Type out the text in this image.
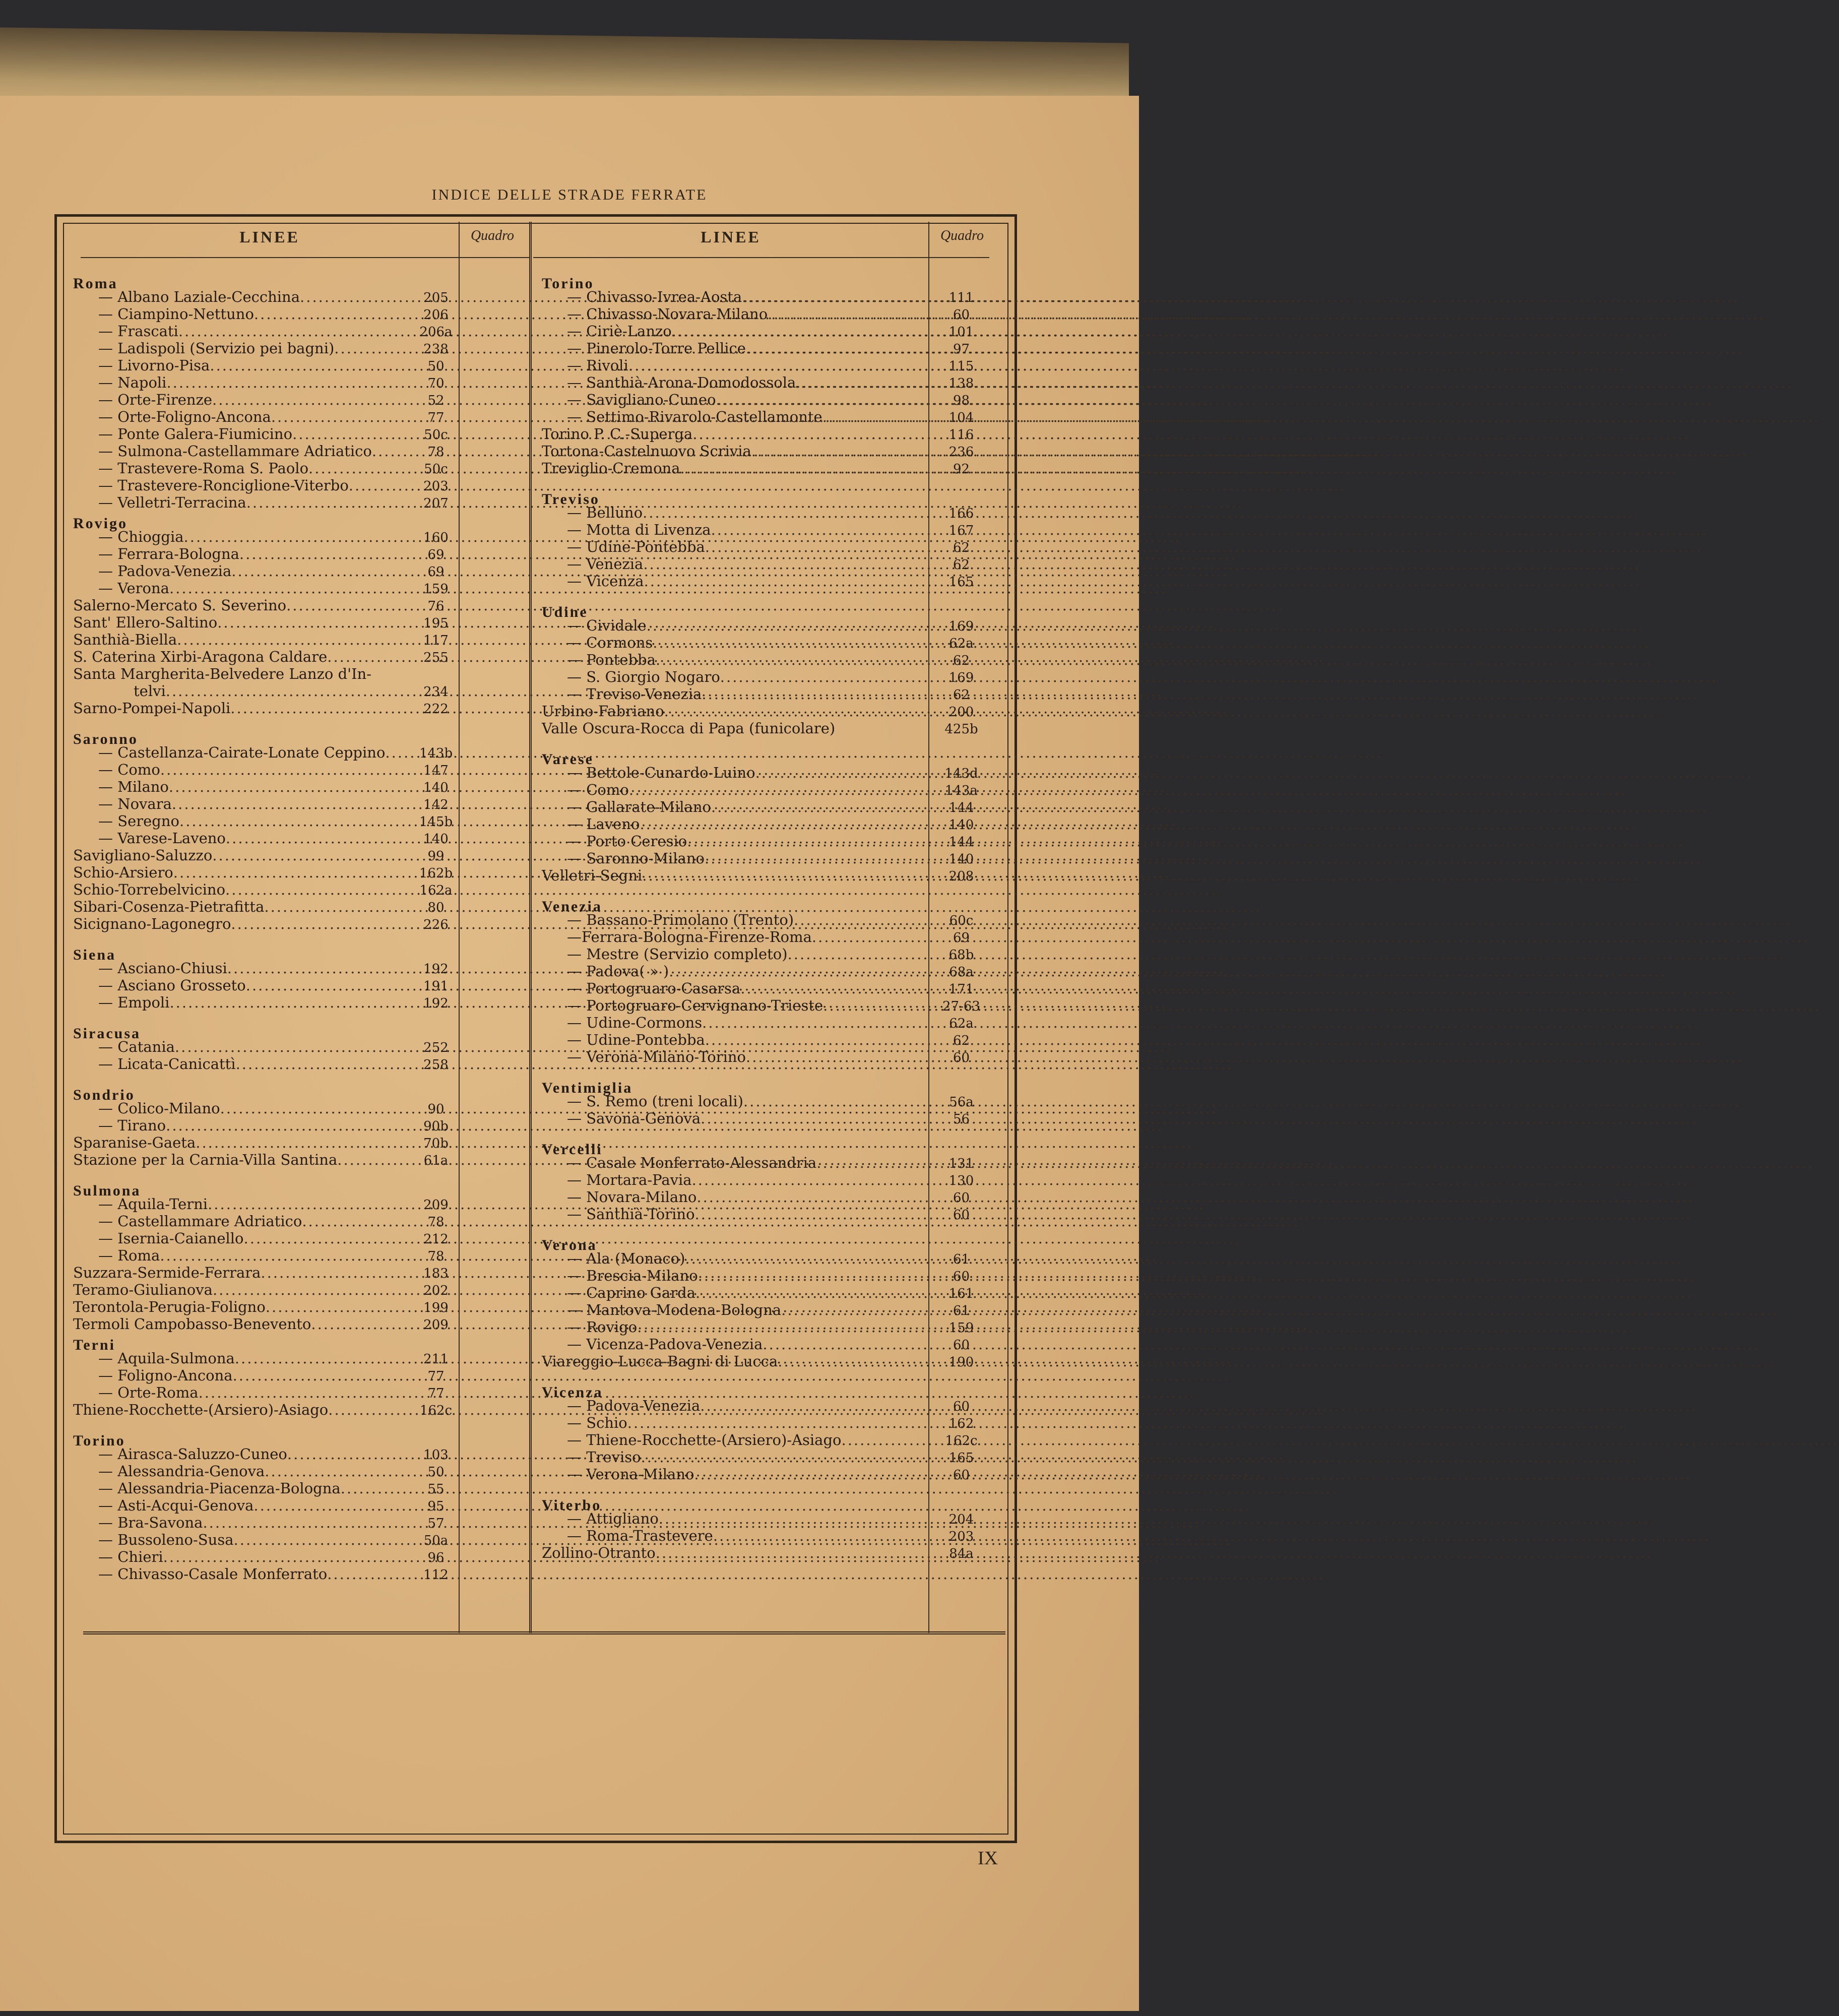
INDICE DELLE STRADE FERRATE
LINEE	Quadro	LINEE	Quadro
Roma
— Albano Laziale-Cecchina .....	205
— Ciampino-Nettuno .....	206
— Frascati .....	206a
— Ladispoli (Servizio pei bagni) .....	238
— Livorno-Pisa .....	50
— Napoli .....	70
— Orte-Firenze .....	52
— Orte-Foligno-Ancona .....	77
— Ponte Galera-Fiumicino .....	50c
— Sulmona-Castellammare Adriatico .....	78
— Trastevere-Roma S. Paolo .....	50c
— Trastevere-Ronciglione-Viterbo .....	203
— Velletri-Terracina .....	207
Rovigo
— Chioggia .....	160
— Ferrara-Bologna .....	69
— Padova-Venezia .....	69
— Verona .....	159
Salerno-Mercato S. Severino .....	76
Sant' Ellero-Saltino .....	195
Santhià-Biella .....	117
S. Caterina Xirbi-Aragona Caldare .....	255
Santa Margherita-Belvedere Lanzo d'In-
telvi .....	234
Sarno-Pompei-Napoli .....	222
Saronno
— Castellanza-Cairate-Lonate Ceppino .....	143b
— Como .....	147
— Milano .....	140
— Novara .....	142
— Seregno .....	145b
— Varese-Laveno .....	140
Savigliano-Saluzzo .....	99
Schio-Arsiero .....	162b
Schio-Torrebelvicino .....	162a
Sibari-Cosenza-Pietrafitta .....	80
Sicignano-Lagonegro .....	226
Siena
— Asciano-Chiusi .....	192
— Asciano Grosseto .....	191
— Empoli .....	192
Siracusa
— Catania .....	252
— Licata-Canicattì .....	258
Sondrio
— Colico-Milano .....	90
— Tirano .....	90b
Sparanise-Gaeta .....	70b
Stazione per la Carnia-Villa Santina .....	61a
Sulmona
— Aquila-Terni .....	209
— Castellammare Adriatico .....	78
— Isernia-Caianello .....	212
— Roma .....	78
Suzzara-Sermide-Ferrara .....	183
Teramo-Giulianova .....	202
Terontola-Perugia-Foligno .....	199
Termoli Campobasso-Benevento .....	209
Terni
— Aquila-Sulmona .....	211
— Foligno-Ancona .....	77
— Orte-Roma .....	77
Thiene-Rocchette-(Arsiero)-Asiago .....	162c
Torino
— Airasca-Saluzzo-Cuneo .....	103
— Alessandria-Genova .....	50
— Alessandria-Piacenza-Bologna .....	55
— Asti-Acqui-Genova .....	95
— Bra-Savona .....	57
— Bussoleno-Susa .....	50a
— Chieri .....	96
— Chivasso-Casale Monferrato .....	112
Torino
— Chivasso-Ivrea-Aosta .....	111
— Chivasso-Novara-Milano .....	60
— Ciriè-Lanzo .....	101
— Pinerolo-Torre Pellice .....	97
— Rivoli .....	115
— Santhià-Arona-Domodossola .....	138
— Savigliano-Cuneo .....	98
— Settimo-Rivarolo-Castellamonte .....	104
Torino P. C.-Superga .....	116
Tortona-Castelnuovo Scrivia .....	236
Treviglio-Cremona .....	92
Treviso
— Belluno .....	166
— Motta di Livenza .....	167
— Udine-Pontebba .....	62
— Venezia .....	62
— Vicenza .....	165
Udine
— Cividale .....	169
— Cormons .....	62a
— Pontebba .....	62
— S. Giorgio Nogaro .....	169
— Treviso-Venezia .....	62
Urbino-Fabriano .....	200
Valle Oscura-Rocca di Papa (funicolare)	425b
Varese
— Bettole-Cunardo-Luino .....	143d
— Como .....	143a
— Gallarate-Milano .....	144
— Laveno .....	140
— Porto Ceresio .....	144
— Saronno-Milano .....	140
Velletri-Segni .....	208
Venezia
— Bassano-Primolano (Trento) .....	60c
—Ferrara-Bologna-Firenze-Roma .....	69
— Mestre (Servizio completo) .....	68b
— Padova( » ) .....	68a
— Portogruaro-Casarsa .....	171
— Portogruaro-Cervignano-Trieste .....	27-63
— Udine-Cormons .....	62a
— Udine-Pontebba .....	62
— Verona-Milano-Torino .....	60
Ventimiglia
— S. Remo (treni locali) .....	56a
— Savona-Genova .....	56
Vercelli
— Casale Monferrato-Alessandria .....	131
— Mortara-Pavia .....	130
— Novara-Milano .....	60
— Santhià-Torino .....	60
Verona
— Ala (Monaco) .....	61
— Brescia-Milano .....	60
— Caprino Garda .....	161
— Mantova-Modena-Bologna .....	61
— Rovigo .....	159
— Vicenza-Padova-Venezia .....	60
Viareggio-Lucca-Bagni di Lucca .....	190
Vicenza
— Padova-Venezia .....	60
— Schio .....	162
— Thiene-Rocchette-(Arsiero)-Asiago .....	162c
— Treviso .....	165
— Verona-Milano .....	60
Viterbo
— Attigliano .....	204
— Roma-Trastevere .....	203
Zollino-Otranto .....	84a
IX
